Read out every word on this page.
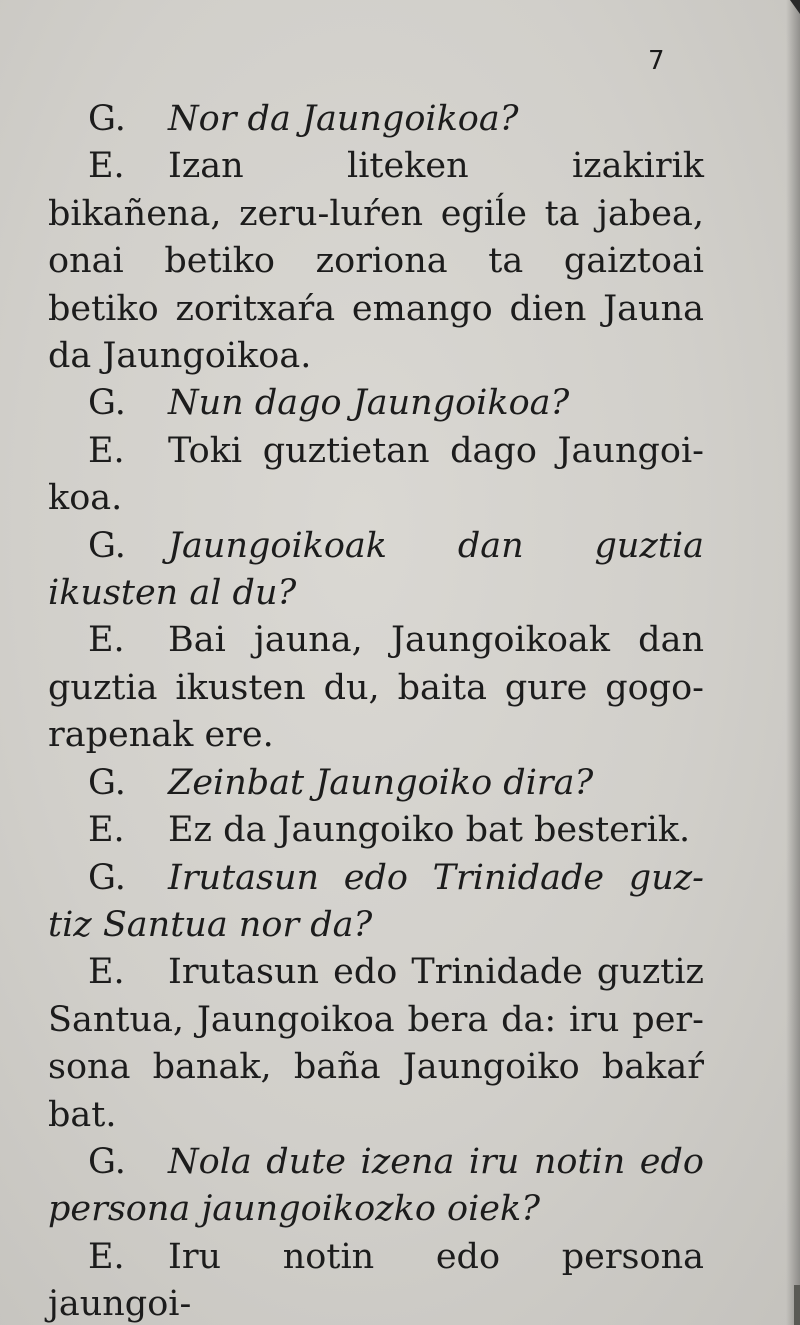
7

G. Nor da Jaungoikoa?

E. Izan liteken izakirik bikañena, zeru-luŕen egiĺe ta jabea, onai betiko zoriona ta gaiztoai betiko zoritxaŕa emango dien Jauna da Jaungoikoa.

G. Nun dago Jaungoikoa?

E. Toki guztietan dago Jaungoi-koa.

G. Jaungoikoak dan guztia ikusten al du?

E. Bai jauna, Jaungoikoak dan guztia ikusten du, baita gure gogo-rapenak ere.

G. Zeinbat Jaungoiko dira?

E. Ez da Jaungoiko bat besterik.

G. Irutasun edo Trinidade guz-tiz Santua nor da?

E. Irutasun edo Trinidade guztiz Santua, Jaungoikoa bera da: iru per-sona banak, baña Jaungoiko bakaŕ bat.

G. Nola dute izena iru notin edo persona jaungoikozko oiek?

E. Iru notin edo persona jaungoi-
